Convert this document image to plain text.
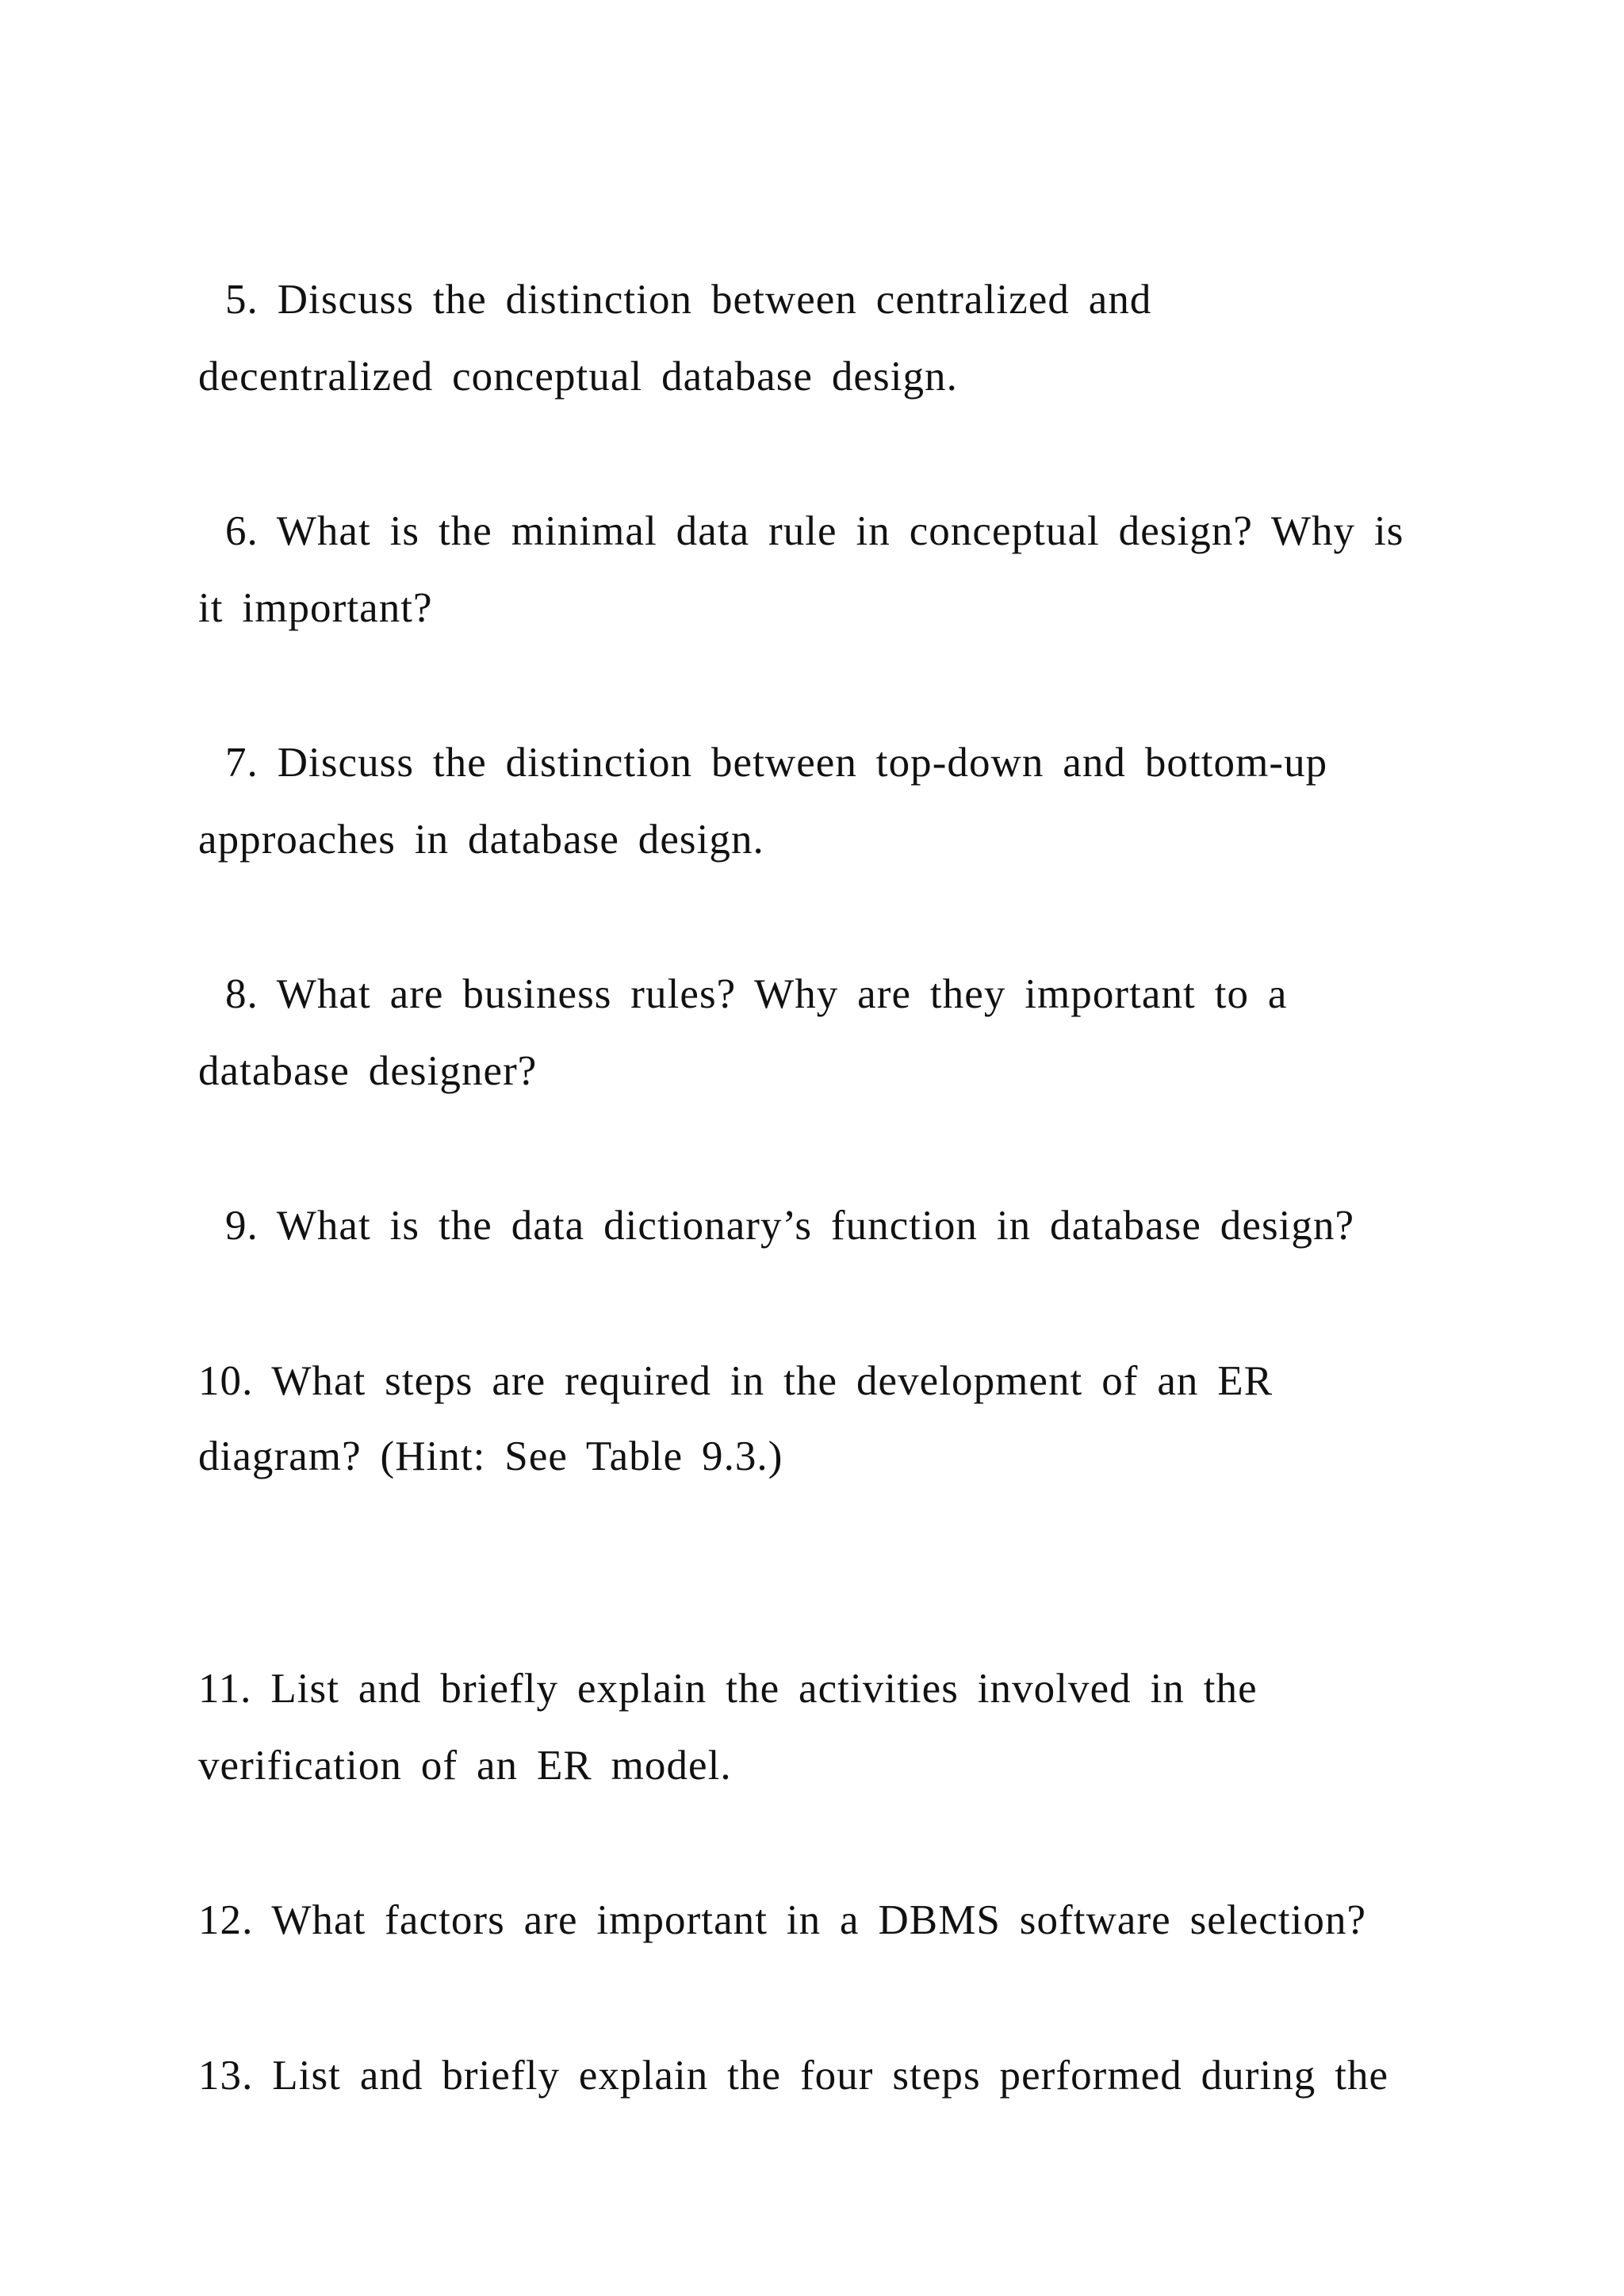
5. Discuss the distinction between centralized and

decentralized conceptual database design.

6. What is the minimal data rule in conceptual design? Why is

it important?

7. Discuss the distinction between top-down and bottom-up

approaches in database design.

8. What are business rules? Why are they important to a

database designer?

9. What is the data dictionary’s function in database design?

10. What steps are required in the development of an ER

diagram? (Hint: See Table 9.3.)

11. List and briefly explain the activities involved in the

verification of an ER model.

12. What factors are important in a DBMS software selection?

13. List and briefly explain the four steps performed during the
